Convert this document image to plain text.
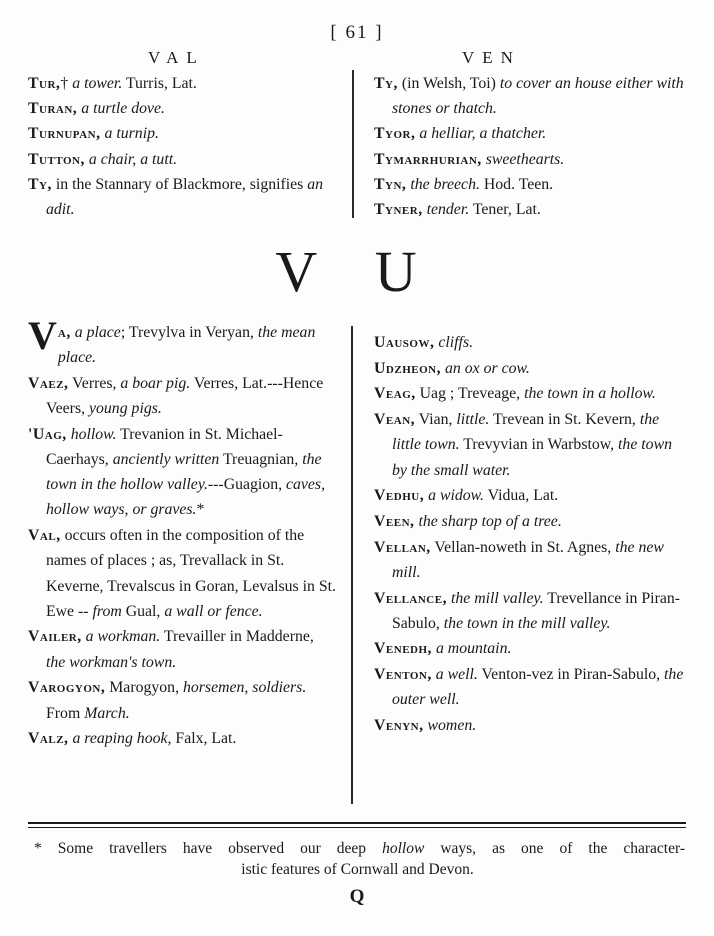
[ 61 ]
VAL	VEN

Tur,† a tower. Turris, Lat.

Turan, a turtle dove.

Turnupan, a turnip.

Tutton, a chair, a tutt.

Ty, in the Stannary of Blackmore, signifies an adit.

Ty, (in Welsh, Toi) to cover an house either with stones or thatch.

Tyor, a helliar, a thatcher.

Tymarrhurian, sweethearts.

Tyn, the breech. Hod. Teen.

Tyner, tender. Tener, Lat.

V U

Va, a place; Trevylva in Veryan, the mean place.

Vaez, Verres, a boar pig. Verres, Lat.---Hence Veers, young pigs.

'Uag, hollow. Trevanion in St. Michael-Caerhays, anciently written Treuagnian, the town in the hollow valley.---Guagion, caves, hollow ways, or graves.*

Val, occurs often in the composition of the names of places ; as, Trevallack in St. Keverne, Trevalscus in Goran, Levalsus in St. Ewe -- from Gual, a wall or fence.

Vailer, a workman. Trevailler in Madderne, the workman's town.

Varogyon, Marogyon, horsemen, soldiers. From March.

Valz, a reaping hook, Falx, Lat.

Uausow, cliffs.

Udzheon, an ox or cow.

Veag, Uag ; Treveage, the town in a hollow.

Vean, Vian, little. Trevean in St. Kevern, the little town. Trevyvian in Warbstow, the town by the small water.

Vedhu, a widow. Vidua, Lat.

Veen, the sharp top of a tree.

Vellan, Vellan-noweth in St. Agnes, the new mill.

Vellance, the mill valley. Trevellance in Piran-Sabulo, the town in the mill valley.

Venedh, a mountain.

Venton, a well. Venton-vez in Piran-Sabulo, the outer well.

Venyn, women.

* Some travellers have observed our deep hollow ways, as one of the character-
istic features of Cornwall and Devon.
Q
